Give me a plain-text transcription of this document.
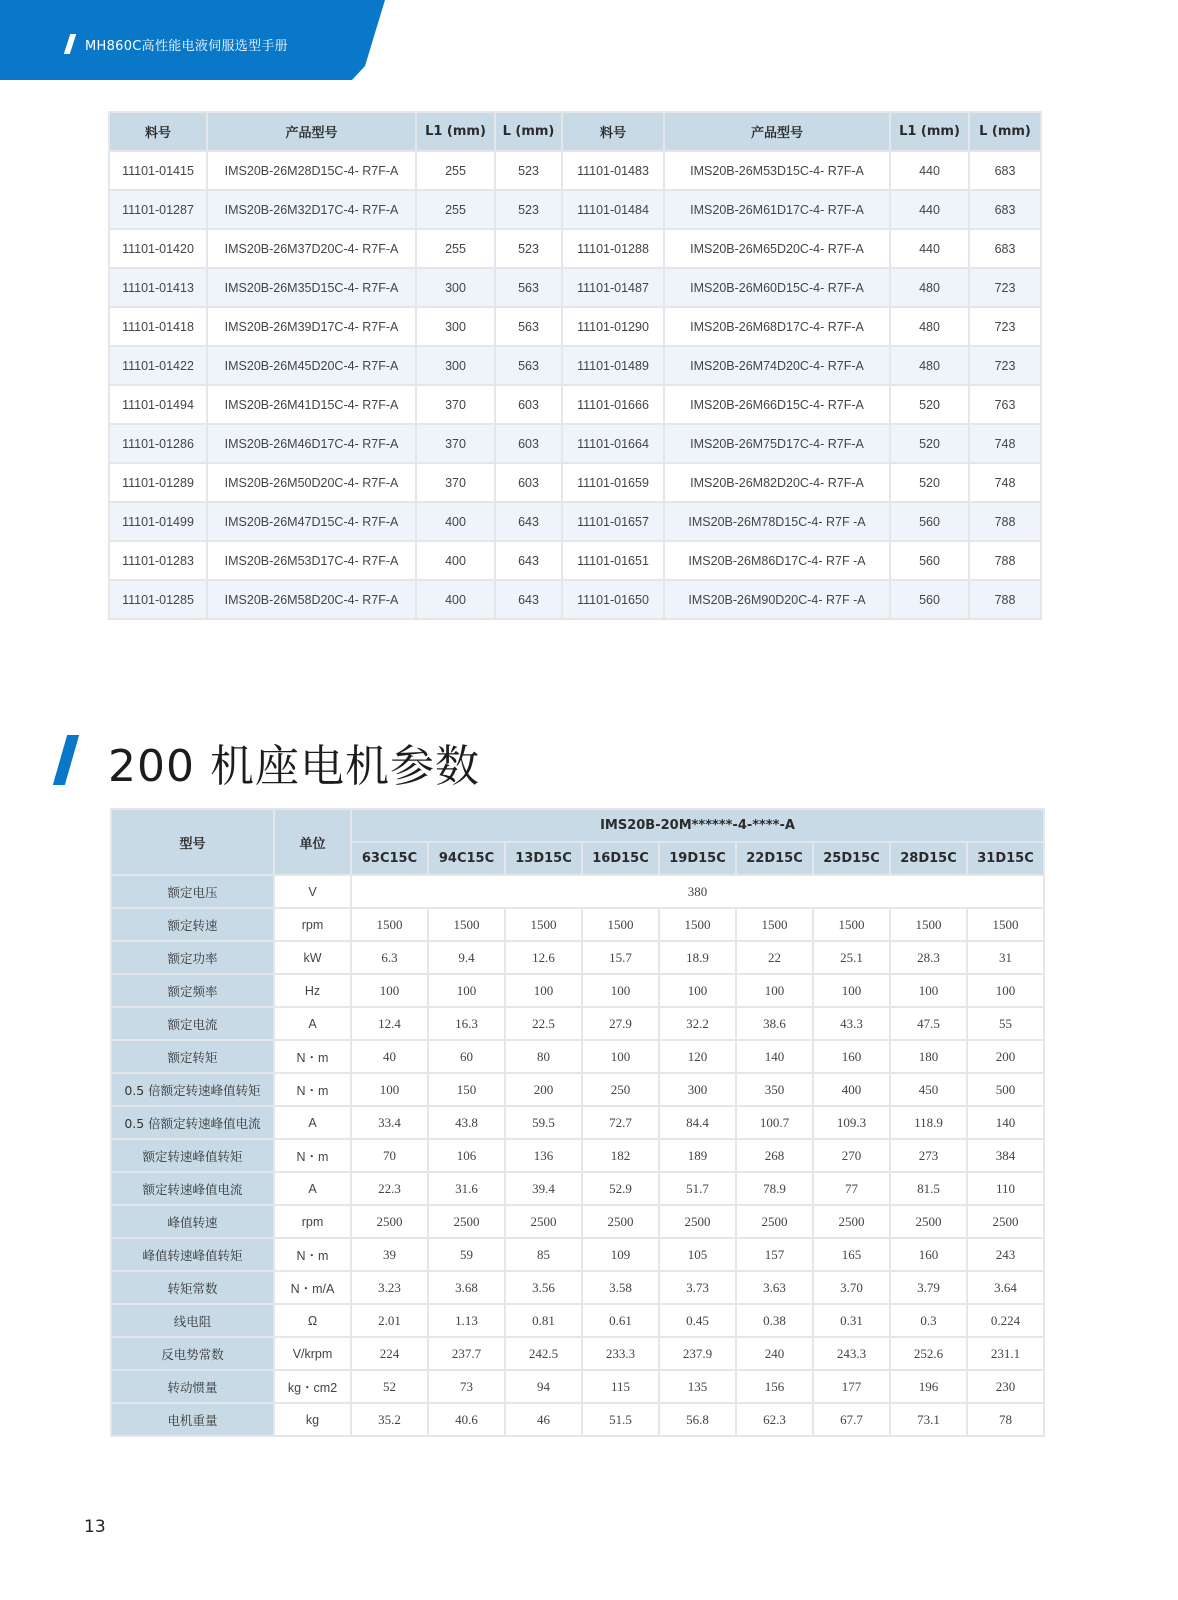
MH860C高性能电液伺服选型手册
料号	产品型号	L1 (mm)	L (mm)	料号	产品型号	L1 (mm)	L (mm)
11101-01415	IMS20B-26M28D15C-4- R7F-A	255	523	11101-01483	IMS20B-26M53D15C-4- R7F-A	440	683
11101-01287	IMS20B-26M32D17C-4- R7F-A	255	523	11101-01484	IMS20B-26M61D17C-4- R7F-A	440	683
11101-01420	IMS20B-26M37D20C-4- R7F-A	255	523	11101-01288	IMS20B-26M65D20C-4- R7F-A	440	683
11101-01413	IMS20B-26M35D15C-4- R7F-A	300	563	11101-01487	IMS20B-26M60D15C-4- R7F-A	480	723
11101-01418	IMS20B-26M39D17C-4- R7F-A	300	563	11101-01290	IMS20B-26M68D17C-4- R7F-A	480	723
11101-01422	IMS20B-26M45D20C-4- R7F-A	300	563	11101-01489	IMS20B-26M74D20C-4- R7F-A	480	723
11101-01494	IMS20B-26M41D15C-4- R7F-A	370	603	11101-01666	IMS20B-26M66D15C-4- R7F-A	520	763
11101-01286	IMS20B-26M46D17C-4- R7F-A	370	603	11101-01664	IMS20B-26M75D17C-4- R7F-A	520	748
11101-01289	IMS20B-26M50D20C-4- R7F-A	370	603	11101-01659	IMS20B-26M82D20C-4- R7F-A	520	748
11101-01499	IMS20B-26M47D15C-4- R7F-A	400	643	11101-01657	IMS20B-26M78D15C-4- R7F -A	560	788
11101-01283	IMS20B-26M53D17C-4- R7F-A	400	643	11101-01651	IMS20B-26M86D17C-4- R7F -A	560	788
11101-01285	IMS20B-26M58D20C-4- R7F-A	400	643	11101-01650	IMS20B-26M90D20C-4- R7F -A	560	788
200 机座电机参数
型号	单位	IMS20B-20M******-4-****-A								
		63C15C	94C15C	13D15C	16D15C	19D15C	22D15C	25D15C	28D15C	31D15C
额定电压	V	380								
额定转速	rpm	1500	1500	1500	1500	1500	1500	1500	1500	1500
额定功率	kW	6.3	9.4	12.6	15.7	18.9	22	25.1	28.3	31
额定频率	Hz	100	100	100	100	100	100	100	100	100
额定电流	A	12.4	16.3	22.5	27.9	32.2	38.6	43.3	47.5	55
额定转矩	N・m	40	60	80	100	120	140	160	180	200
0.5 倍额定转速峰值转矩	N・m	100	150	200	250	300	350	400	450	500
0.5 倍额定转速峰值电流	A	33.4	43.8	59.5	72.7	84.4	100.7	109.3	118.9	140
额定转速峰值转矩	N・m	70	106	136	182	189	268	270	273	384
额定转速峰值电流	A	22.3	31.6	39.4	52.9	51.7	78.9	77	81.5	110
峰值转速	rpm	2500	2500	2500	2500	2500	2500	2500	2500	2500
峰值转速峰值转矩	N・m	39	59	85	109	105	157	165	160	243
转矩常数	N・m/A	3.23	3.68	3.56	3.58	3.73	3.63	3.70	3.79	3.64
线电阻	Ω	2.01	1.13	0.81	0.61	0.45	0.38	0.31	0.3	0.224
反电势常数	V/krpm	224	237.7	242.5	233.3	237.9	240	243.3	252.6	231.1
转动惯量	kg・cm2	52	73	94	115	135	156	177	196	230
电机重量	kg	35.2	40.6	46	51.5	56.8	62.3	67.7	73.1	78
13
